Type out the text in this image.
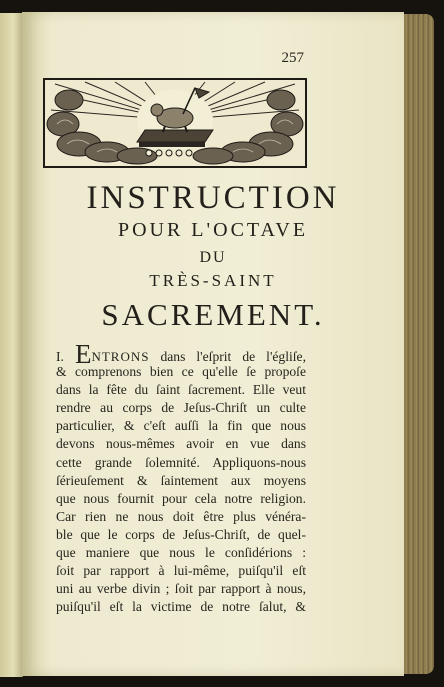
257
INSTRUCTION
POUR L'OCTAVE
DU
TRÈS-SAINT
SACREMENT.
I. ENTRONS dans l'eſprit de l'égliſe,
& comprenons bien ce qu'elle ſe propoſe
dans la fête du ſaint ſacrement. Elle veut
rendre au corps de Jeſus-Chriſt un culte
particulier, & c'eſt auſſi la fin que nous
devons nous-mêmes avoir en vue dans
cette grande ſolemnité. Appliquons-nous
ſérieuſement & ſaintement aux moyens
que nous fournit pour cela notre religion.
Car rien ne nous doit être plus vénéra-
ble que le corps de Jeſus-Chriſt, de quel-
que maniere que nous le conſidérions :
ſoit par rapport à lui-même, puiſqu'il eſt
uni au verbe divin ; ſoit par rapport à nous,
puiſqu'il eſt la victime de notre ſalut, &
